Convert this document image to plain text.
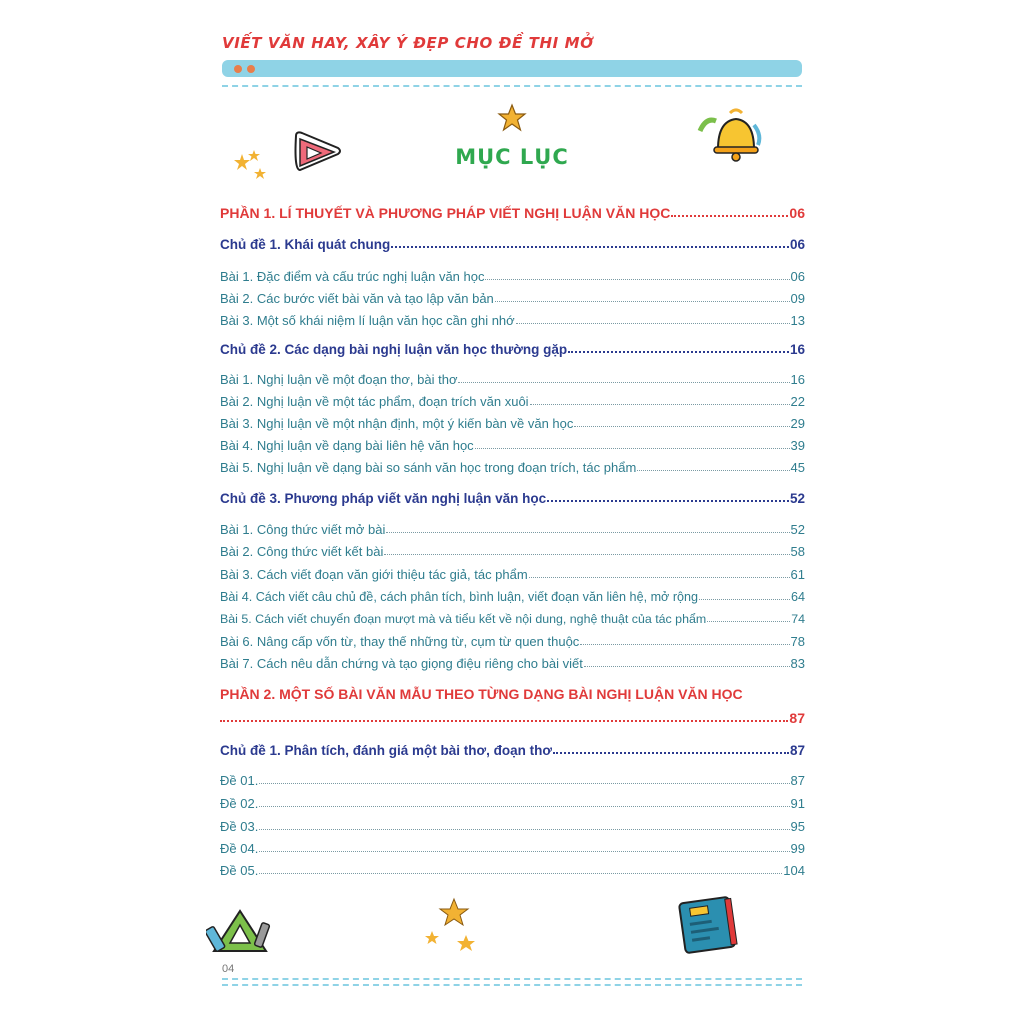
VIẾT VĂN HAY, XÂY Ý ĐẸP CHO ĐỀ THI MỞ
MỤC LỤC
PHẦN 1. LÍ THUYẾT VÀ PHƯƠNG PHÁP VIẾT NGHỊ LUẬN VĂN HỌC	06
Chủ đề 1. Khái quát chung	06
Bài 1. Đặc điểm và cấu trúc nghị luận văn học	06
Bài 2. Các bước viết bài văn và tạo lập văn bản	09
Bài 3. Một số khái niệm lí luận văn học cần ghi nhớ	13
Chủ đề 2. Các dạng bài nghị luận văn học thường gặp	16
Bài 1. Nghị luận về một đoạn thơ, bài thơ	16
Bài 2. Nghị luận về một tác phẩm, đoạn trích văn xuôi	22
Bài 3. Nghị luận về một nhận định, một ý kiến bàn về văn học	29
Bài 4. Nghị luận về dạng bài liên hệ văn học	39
Bài 5. Nghị luận về dạng bài so sánh văn học trong đoạn trích, tác phẩm	45
Chủ đề 3. Phương pháp viết văn nghị luận văn học	52
Bài 1. Công thức viết mở bài	52
Bài 2. Công thức viết kết bài	58
Bài 3. Cách viết đoạn văn giới thiệu tác giả, tác phẩm	61
Bài 4. Cách viết câu chủ đề, cách phân tích, bình luận, viết đoạn văn liên hệ, mở rộng	64
Bài 5. Cách viết chuyển đoạn mượt mà và tiểu kết về nội dung, nghệ thuật của tác phẩm	74
Bài 6. Nâng cấp vốn từ, thay thế những từ, cụm từ quen thuộc	78
Bài 7. Cách nêu dẫn chứng và tạo giọng điệu riêng cho bài viết	83
PHẦN 2. MỘT SỐ BÀI VĂN MẪU THEO TỪNG DẠNG BÀI NGHỊ LUẬN VĂN HỌC
87
Chủ đề 1. Phân tích, đánh giá một bài thơ, đoạn thơ	87
Đề 01.	87
Đề 02.	91
Đề 03.	95
Đề 04.	99
Đề 05.	104
04
